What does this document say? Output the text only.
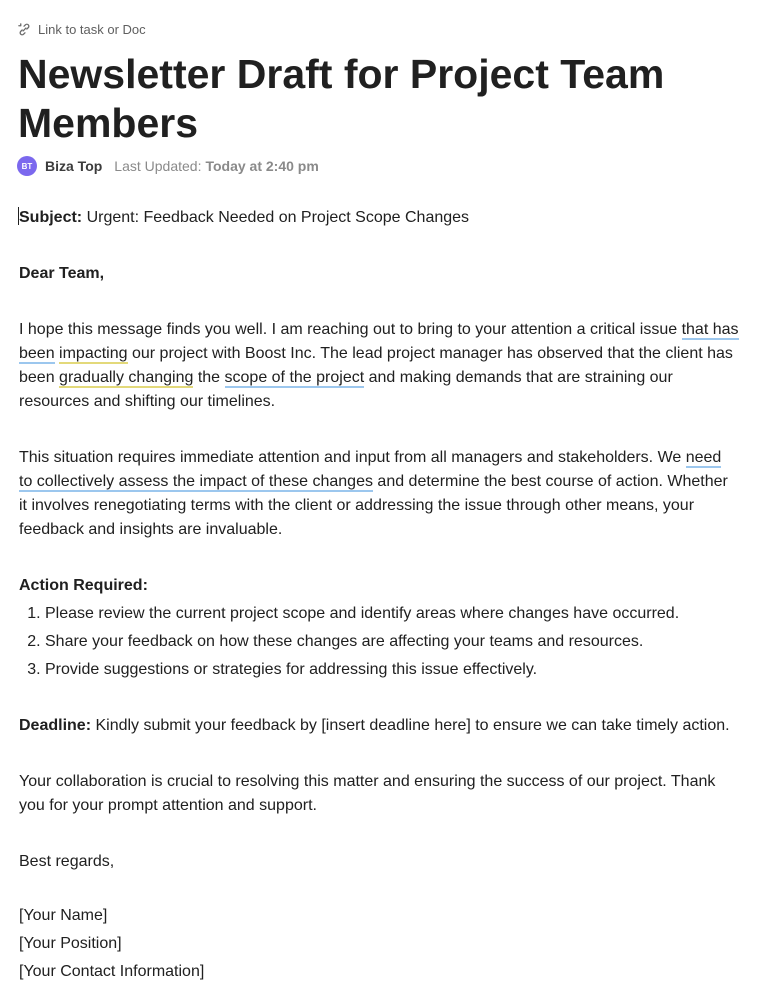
Link to task or Doc
Newsletter Draft for Project Team Members
BT Biza Top Last Updated: Today at 2:40 pm

Subject: Urgent: Feedback Needed on Project Scope Changes

Dear Team,

I hope this message finds you well. I am reaching out to bring to your attention a critical issue that has been impacting our project with Boost Inc. The lead project manager has observed that the client has been gradually changing the scope of the project and making demands that are straining our resources and shifting our timelines.

This situation requires immediate attention and input from all managers and stakeholders. We need to collectively assess the impact of these changes and determine the best course of action. Whether it involves renegotiating terms with the client or addressing the issue through other means, your feedback and insights are invaluable.

Action Required:

1. Please review the current project scope and identify areas where changes have occurred.
2. Share your feedback on how these changes are affecting your teams and resources.
3. Provide suggestions or strategies for addressing this issue effectively.

Deadline: Kindly submit your feedback by [insert deadline here] to ensure we can take timely action.

Your collaboration is crucial to resolving this matter and ensuring the success of our project. Thank you for your prompt attention and support.

Best regards,

[Your Name]

[Your Position]

[Your Contact Information]
